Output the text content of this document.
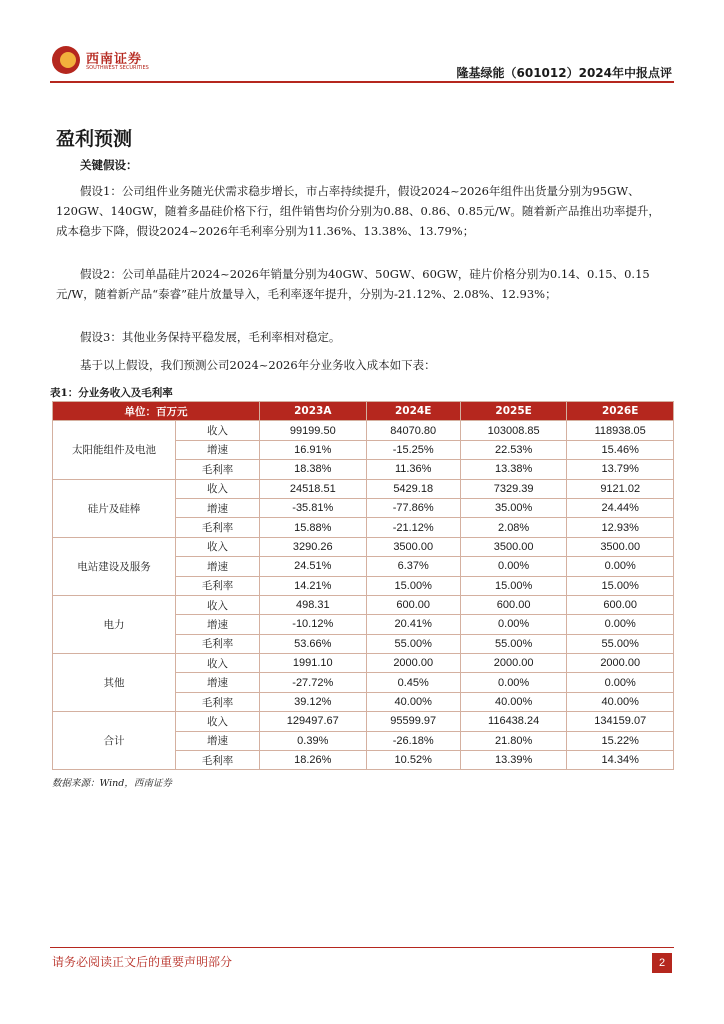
西南证券
SOUTHWEST SECURITIES	隆基绿能（601012）2024年中报点评
盈利预测
关键假设：

假设1：公司组件业务随光伏需求稳步增长，市占率持续提升，假设2024~2026年组件出货量分别为95GW、120GW、140GW，随着多晶硅价格下行，组件销售均价分别为0.88、0.86、0.85元/W。随着新产品推出功率提升，成本稳步下降，假设2024~2026年毛利率分别为11.36%、13.38%、13.79%；

假设2：公司单晶硅片2024~2026年销量分别为40GW、50GW、60GW，硅片价格分别为0.14、0.15、0.15元/W，随着新产品“泰睿”硅片放量导入，毛利率逐年提升，分别为-21.12%、2.08%、12.93%；

假设3：其他业务保持平稳发展，毛利率相对稳定。

基于以上假设，我们预测公司2024~2026年分业务收入成本如下表：

表1：分业务收入及毛利率
单位：百万元		2023A	2024E	2025E	2026E
太阳能组件及电池	收入	99199.50	84070.80	103008.85	118938.05
	增速	16.91%	-15.25%	22.53%	15.46%
	毛利率	18.38%	11.36%	13.38%	13.79%
硅片及硅棒	收入	24518.51	5429.18	7329.39	9121.02
	增速	-35.81%	-77.86%	35.00%	24.44%
	毛利率	15.88%	-21.12%	2.08%	12.93%
电站建设及服务	收入	3290.26	3500.00	3500.00	3500.00
	增速	24.51%	6.37%	0.00%	0.00%
	毛利率	14.21%	15.00%	15.00%	15.00%
电力	收入	498.31	600.00	600.00	600.00
	增速	-10.12%	20.41%	0.00%	0.00%
	毛利率	53.66%	55.00%	55.00%	55.00%
其他	收入	1991.10	2000.00	2000.00	2000.00
	增速	-27.72%	0.45%	0.00%	0.00%
	毛利率	39.12%	40.00%	40.00%	40.00%
合计	收入	129497.67	95599.97	116438.24	134159.07
	增速	0.39%	-26.18%	21.80%	15.22%
	毛利率	18.26%	10.52%	13.39%	14.34%
数据来源：Wind，西南证券
请务必阅读正文后的重要声明部分	2
